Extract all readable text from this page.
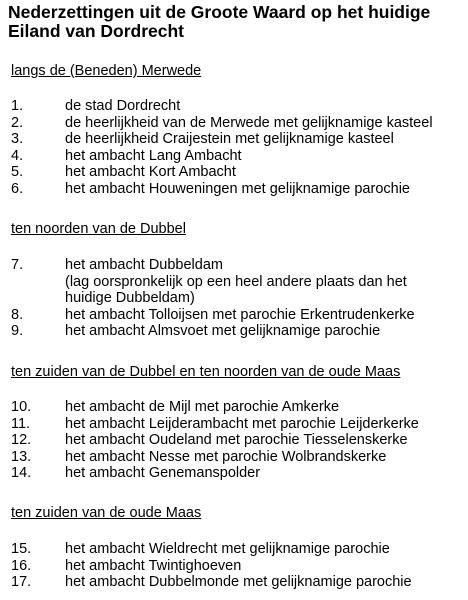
Nederzettingen uit de Groote Waard op het huidige
Eiland van Dordrecht
langs de (Beneden) Merwede
1.	de stad Dordrecht
2.	de heerlijkheid van de Merwede met gelijknamige kasteel
3.	de heerlijkheid Craijestein met gelijknamige kasteel
4.	het ambacht Lang Ambacht
5.	het ambacht Kort Ambacht
6.	het ambacht Houweningen met gelijknamige parochie
ten noorden van de Dubbel
7.	het ambacht Dubbeldam
(lag oorspronkelijk op een heel andere plaats dan het
huidige Dubbeldam)
8.	het ambacht Tolloijsen met parochie Erkentrudenkerke
9.	het ambacht Almsvoet met gelijknamige parochie
ten zuiden van de Dubbel en ten noorden van de oude Maas
10. het ambacht de Mijl met parochie Amkerke
11. het ambacht Leijderambacht met parochie Leijderkerke
12. het ambacht Oudeland met parochie Tiesselenskerke
13. het ambacht Nesse met parochie Wolbrandskerke
14. het ambacht Genemanspolder
ten zuiden van de oude Maas
15. het ambacht Wieldrecht met gelijknamige parochie
16. het ambacht Twintighoeven
17. het ambacht Dubbelmonde met gelijknamige parochie
